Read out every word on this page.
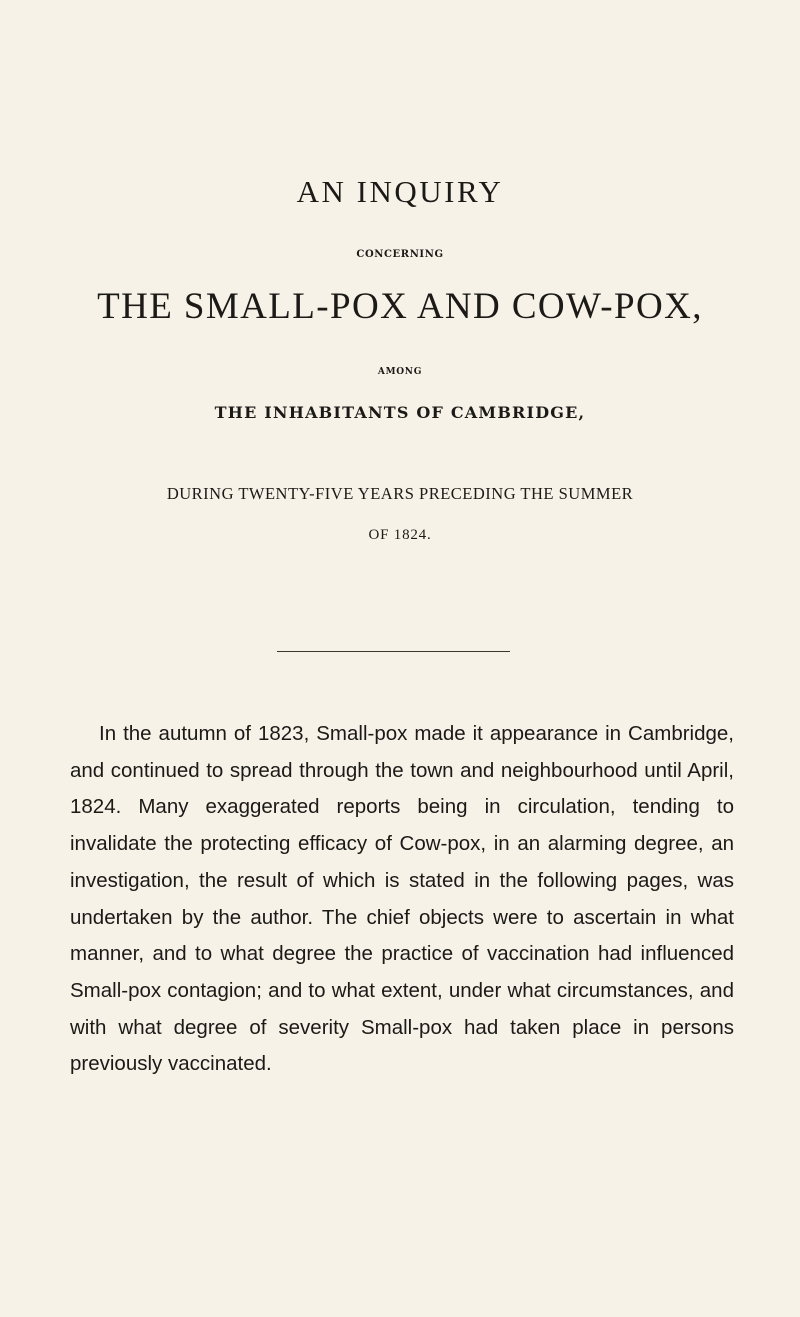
AN INQUIRY
CONCERNING
THE SMALL-POX AND COW-POX,
AMONG
THE INHABITANTS OF CAMBRIDGE,
DURING TWENTY-FIVE YEARS PRECEDING THE SUMMER
OF 1824.

In the autumn of 1823, Small-pox made it appearance in Cambridge, and continued to spread through the town and neighbourhood until April, 1824. Many exaggerated reports being in circulation, tending to invalidate the protecting efficacy of Cow-pox, in an alarming degree, an investigation, the result of which is stated in the following pages, was undertaken by the author. The chief objects were to ascertain in what manner, and to what degree the practice of vaccination had influenced Small-pox contagion; and to what extent, under what circumstances, and with what degree of severity Small-pox had taken place in persons previously vaccinated.
